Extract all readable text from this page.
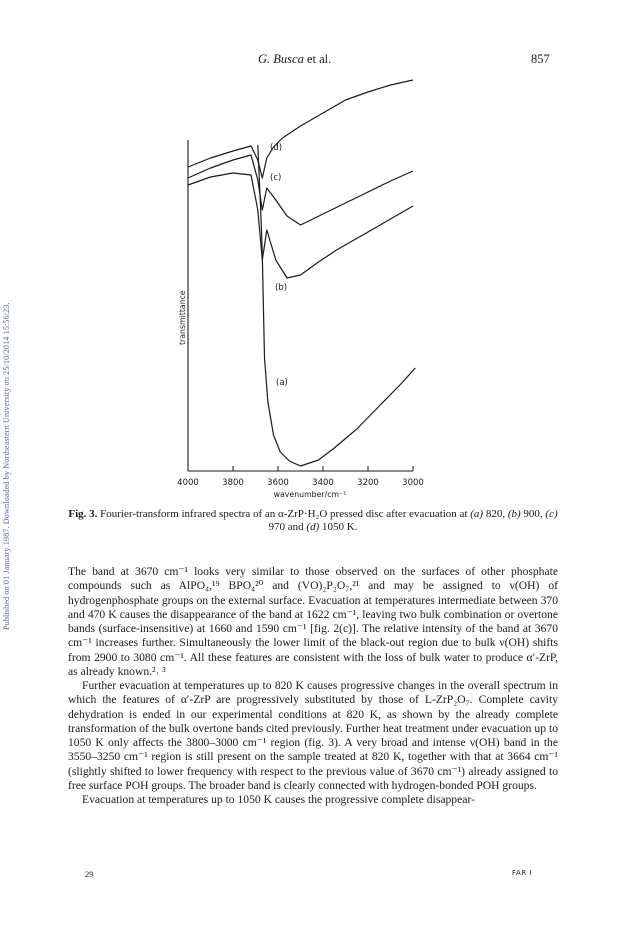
Published on 01 January 1987. Downloaded by Northeastern University on 25/10/2014 15:56:23.
G. Busca et al.	857
4000	3800	3600	3400	3200	3000
transmittance
wavenumber/cm⁻¹
(d)
(c)
(b)
(a)
Fig. 3. Fourier-transform infrared spectra of an α-ZrP·H₂O pressed disc after evacuation at (a) 820, (b) 900, (c) 970 and (d) 1050 K.

The band at 3670 cm⁻¹ looks very similar to those observed on the surfaces of other phosphate compounds such as AlPO₄,¹⁹ BPO₄²⁰ and (VO)₂P₂O₇,²¹ and may be assigned to ν(OH) of hydrogenphosphate groups on the external surface. Evacuation at temperatures intermediate between 370 and 470 K causes the disappearance of the band at 1622 cm⁻¹, leaving two bulk combination or overtone bands (surface-insensitive) at 1660 and 1590 cm⁻¹ [fig. 2(c)]. The relative intensity of the band at 3670 cm⁻¹ increases further. Simultaneously the lower limit of the black-out region due to bulk ν(OH) shifts from 2900 to 3080 cm⁻¹. All these features are consistent with the loss of bulk water to produce α′-ZrP, as already known.²˒ ³

Further evacuation at temperatures up to 820 K causes progressive changes in the overall spectrum in which the features of α′-ZrP are progressively substituted by those of L-ZrP₂O₇. Complete cavity dehydration is ended in our experimental conditions at 820 K, as shown by the already complete transformation of the bulk overtone bands cited previously. Further heat treatment under evacuation up to 1050 K only affects the 3800–3000 cm⁻¹ region (fig. 3). A very broad and intense ν(OH) band in the 3550–3250 cm⁻¹ region is still present on the sample treated at 820 K, together with that at 3664 cm⁻¹ (slightly shifted to lower frequency with respect to the previous value of 3670 cm⁻¹) already assigned to free surface POH groups. The broader band is clearly connected with hydrogen-bonded POH groups.

Evacuation at temperatures up to 1050 K causes the progressive complete disappear-

29	FAR I
